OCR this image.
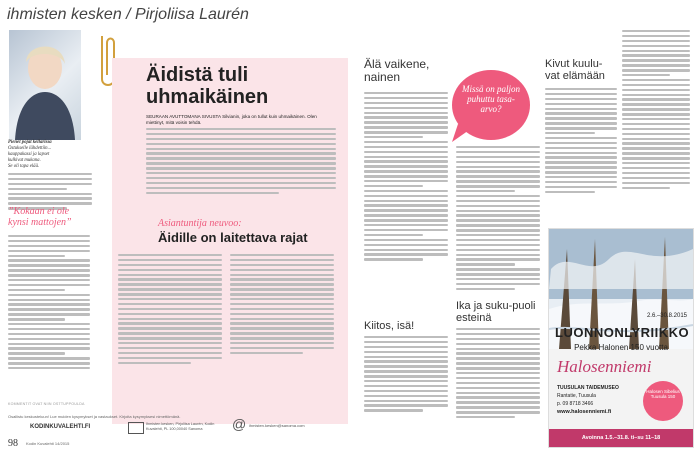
ihmisten kesken / Pirjoliisa Laurén
Pienet pojat kellarissa
Ostukselle lähdettiin...
kauppakassi ja lapset
kulkivat mukana.
Se oli tapa elää.
”Kokaan ei ole kynsi mattojen”
KOMMENTIT OVAT NIIN OSTTUPPOULDA
Äidistä tuli uhmaikäinen
SEURAAN AVUTTOMANA SIVUSTA Silvianin, joka on tullut kuin uhmaikäinen. Olen miettinyt, mitä voisin tehdä.
Asiantuntija neuvoo:
Äidille on laitettava rajat
Osallistu keskusteluun! Lue muiden kysymykset ja vastaukset. Kirjoita kysymyksesi nimettömänä.
KODINKUVALEHTI.FI	Ihmisten kesken, Pirjoliisa Laurén, Kodin Kuvalehti, PL 100,00040 Sanoma	@ ihmisten.kesken@sanoma.com
98 Kodin Kuvalehti 14/2015
Älä vaikene, nainen
Kiitos, isä!
Missä on paljon puhuttu tasa-arvo?
Ika ja suku-puoli esteinä
Kivut kuulu-vat elämään
2.6.–30.8.2015
LUONNONLYRIIKKO
Pekka Halonen 150 vuotta
Halosenniemi
TUUSULAN TAIDEMUSEO
Rantatie, Tuusula
p. 09 8718 3466
www.halosenniemi.fi
Halosen Sibelius Tuusula 150
Avoinna 1.5.–31.8. ti–su 11–18
